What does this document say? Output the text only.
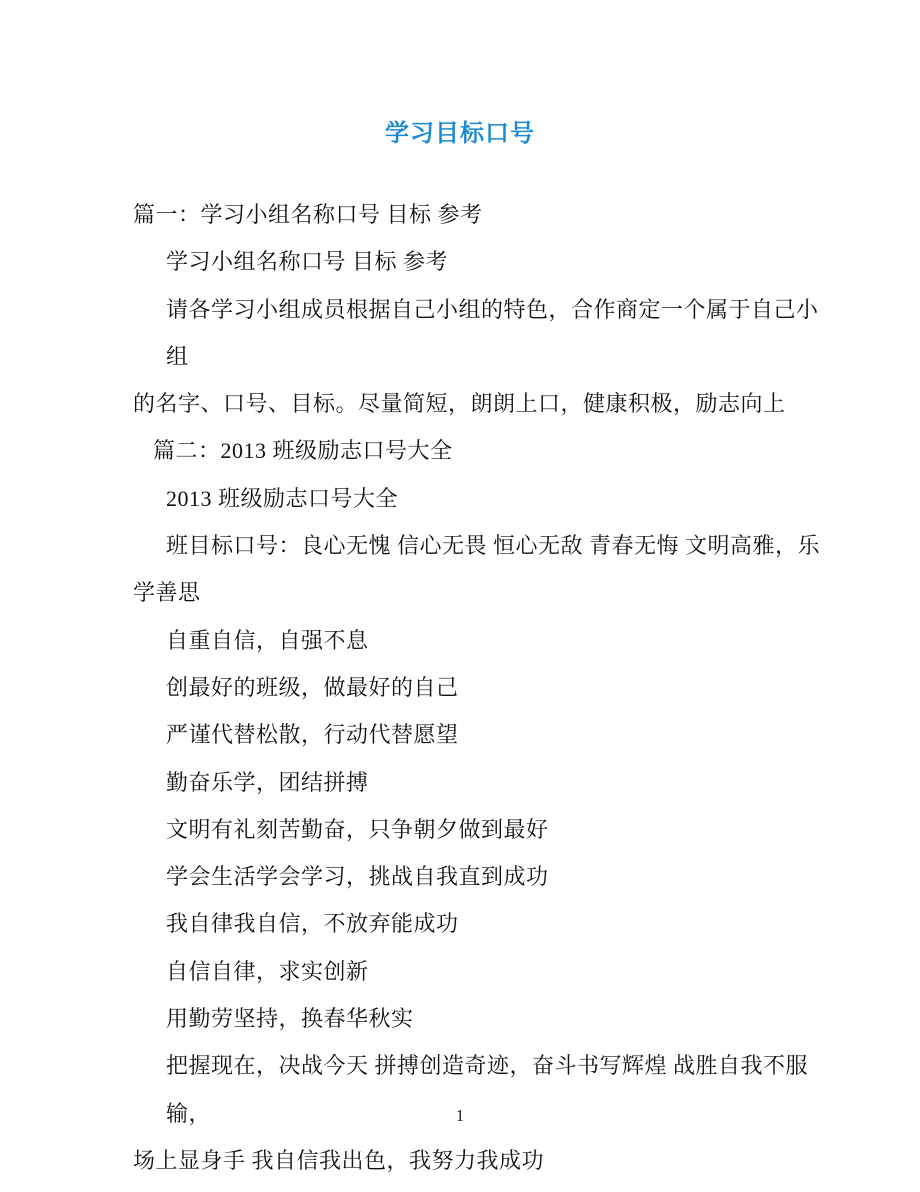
学习目标口号
篇一：学习小组名称口号 目标 参考
学习小组名称口号 目标 参考
请各学习小组成员根据自己小组的特色，合作商定一个属于自己小组
的名字、口号、目标。尽量简短，朗朗上口，健康积极，励志向上
篇二：2013 班级励志口号大全
2013 班级励志口号大全
班目标口号：良心无愧 信心无畏 恒心无敌 青春无悔 文明高雅，乐
学善思
自重自信，自强不息
创最好的班级，做最好的自己
严谨代替松散，行动代替愿望
勤奋乐学，团结拼搏
文明有礼刻苦勤奋，只争朝夕做到最好
学会生活学会学习，挑战自我直到成功
我自律我自信，不放弃能成功
自信自律，求实创新
用勤劳坚持，换春华秋实
把握现在，决战今天 拼搏创造奇迹，奋斗书写辉煌 战胜自我不服输，
场上显身手 我自信我出色，我努力我成功
1
